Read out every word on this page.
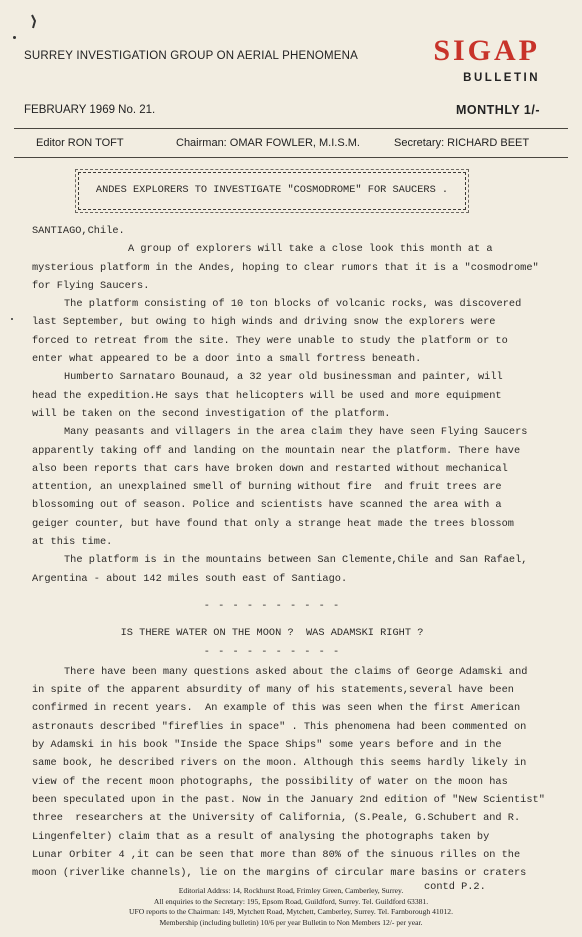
SURREY INVESTIGATION GROUP ON AERIAL PHENOMENA	SIGAP
BULLETIN
FEBRUARY 1969 No. 21.	MONTHLY 1/-
Editor RON TOFT	Chairman: OMAR FOWLER, M.I.S.M.	Secretary: RICHARD BEET
ANDES EXPLORERS TO INVESTIGATE "COSMODROME" FOR SAUCERS .
SANTIAGO,Chile.
A group of explorers will take a close look this month at a
mysterious platform in the Andes, hoping to clear rumors that it is a "cosmodrome"
for Flying Saucers.
The platform consisting of 10 ton blocks of volcanic rocks, was discovered
last September, but owing to high winds and driving snow the explorers were
forced to retreat from the site. They were unable to study the platform or to
enter what appeared to be a door into a small fortress beneath.
Humberto Sarnataro Bounaud, a 32 year old businessman and painter, will
head the expedition.He says that helicopters will be used and more equipment
will be taken on the second investigation of the platform.
Many peasants and villagers in the area claim they have seen Flying Saucers
apparently taking off and landing on the mountain near the platform. There have
also been reports that cars have broken down and restarted without mechanical
attention, an unexplained smell of burning without fire  and fruit trees are
blossoming out of season. Police and scientists have scanned the area with a
geiger counter, but have found that only a strange heat made the trees blossom
at this time.
The platform is in the mountains between San Clemente,Chile and San Rafael,
Argentina - about 142 miles south east of Santiago.
- - - - - - - - - -
IS THERE WATER ON THE MOON ?  WAS ADAMSKI RIGHT ?
- - - - - - - - - -
There have been many questions asked about the claims of George Adamski and
in spite of the apparent absurdity of many of his statements,several have been
confirmed in recent years.  An example of this was seen when the first American
astronauts described "fireflies in space" . This phenomena had been commented on
by Adamski in his book "Inside the Space Ships" some years before and in the
same book, he described rivers on the moon. Although this seems hardly likely in
view of the recent moon photographs, the possibility of water on the moon has
been speculated upon in the past. Now in the January 2nd edition of "New Scientist"
three  researchers at the University of California, (S.Peale, G.Schubert and R.
Lingenfelter) claim that as a result of analysing the photographs taken by
Lunar Orbiter 4 ,it can be seen that more than 80% of the sinuous rilles on the
moon (riverlike channels), lie on the margins of circular mare basins or craters
contd P.2.
Editorial Addrss: 14, Rockhurst Road, Frimley Green, Camberley, Surrey.
All enquiries to the Secretary: 195, Epsom Road, Guildford, Surrey. Tel. Guildford 63381.
UFO reports to the Chairman: 149, Mytchett Road, Mytchett, Camberley, Surrey. Tel. Farnborough 41012.
Membership (including bulletin) 10/6 per year Bulletin to Non Members 12/- per year.
